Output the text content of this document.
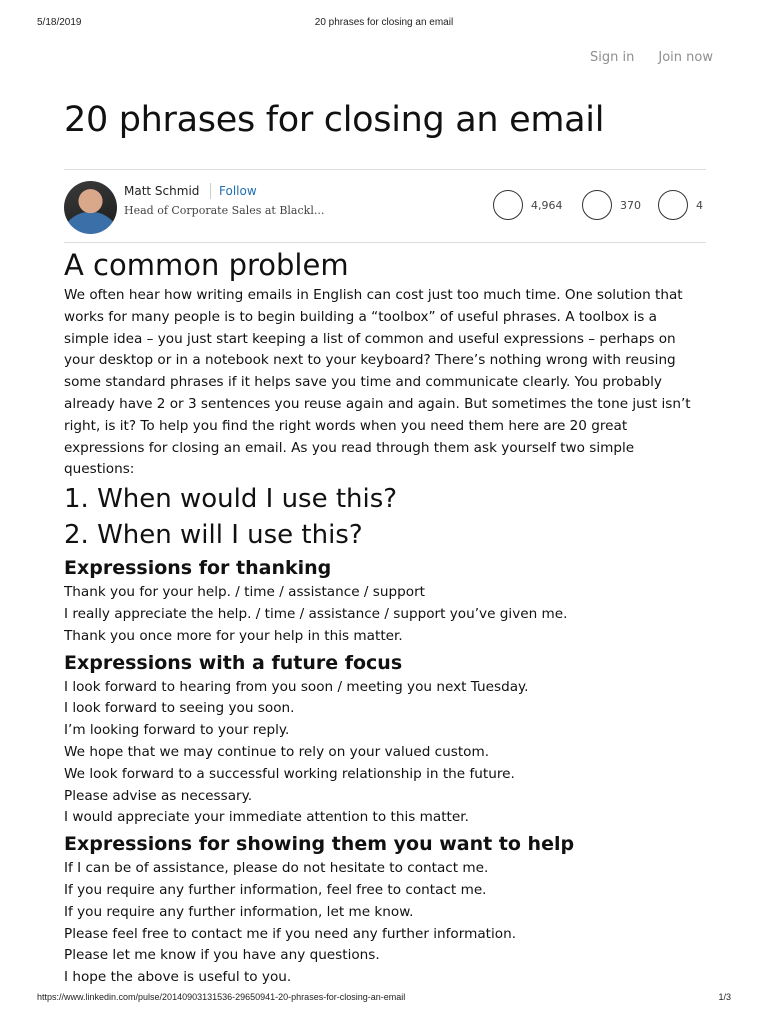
5/18/2019	20 phrases for closing an email
Sign in Join now
20 phrases for closing an email
Matt Schmid Follow
Head of Corporate Sales at Blackl...	4,964	370	4
A common problem

We often hear how writing emails in English can cost just too much time. One solution that works for many people is to begin building a “toolbox” of useful phrases. A toolbox is a simple idea – you just start keeping a list of common and useful expressions – perhaps on your desktop or in a notebook next to your keyboard? There’s nothing wrong with reusing some standard phrases if it helps save you time and communicate clearly. You probably already have 2 or 3 sentences you reuse again and again. But sometimes the tone just isn’t right, is it? To help you find the right words when you need them here are 20 great expressions for closing an email. As you read through them ask yourself two simple questions:

1. When would I use this?
2. When will I use this?
Expressions for thanking
Thank you for your help. / time / assistance / support
I really appreciate the help. / time / assistance / support you’ve given me.
Thank you once more for your help in this matter.
Expressions with a future focus
I look forward to hearing from you soon / meeting you next Tuesday.
I look forward to seeing you soon.
I’m looking forward to your reply.
We hope that we may continue to rely on your valued custom.
We look forward to a successful working relationship in the future.
Please advise as necessary.
I would appreciate your immediate attention to this matter.
Expressions for showing them you want to help
If I can be of assistance, please do not hesitate to contact me.
If you require any further information, feel free to contact me.
If you require any further information, let me know.
Please feel free to contact me if you need any further information.
Please let me know if you have any questions.
I hope the above is useful to you.
https://www.linkedin.com/pulse/20140903131536-29650941-20-phrases-for-closing-an-email	1/3
